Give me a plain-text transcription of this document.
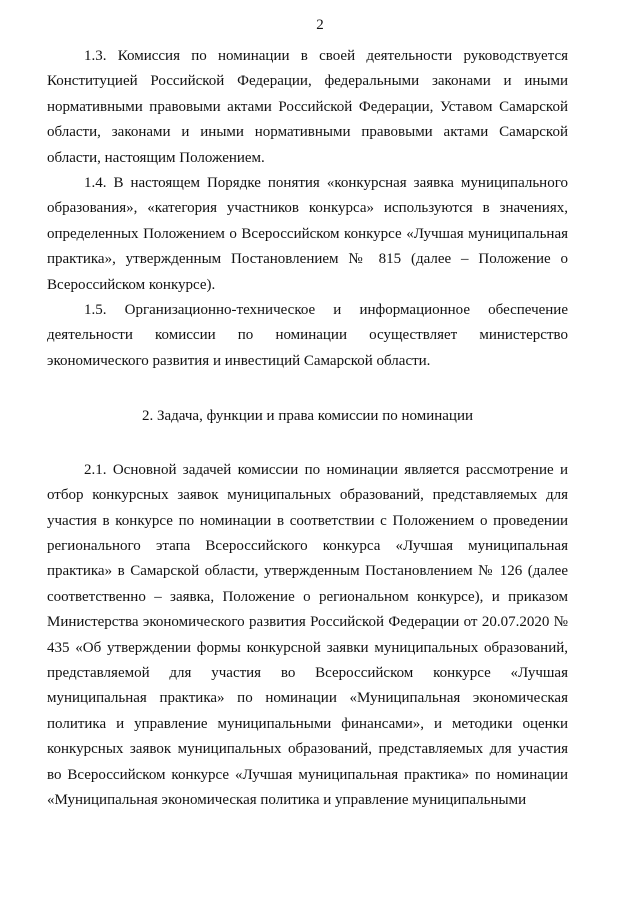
2

1.3. Комиссия по номинации в своей деятельности руководствуется Конституцией Российской Федерации, федеральными законами и иными нормативными правовыми актами Российской Федерации, Уставом Самарской области, законами и иными нормативными правовыми актами Самарской области, настоящим Положением.

1.4. В настоящем Порядке понятия «конкурсная заявка муниципального образования», «категория участников конкурса» используются в значениях, определенных Положением о Всероссийском конкурсе «Лучшая муниципальная практика», утвержденным Постановлением № 815 (далее – Положение о Всероссийском конкурсе).

1.5. Организационно-техническое и информационное обеспечение деятельности комиссии по номинации осуществляет министерство экономического развития и инвестиций Самарской области.

2. Задача, функции и права комиссии по номинации

2.1. Основной задачей комиссии по номинации является рассмотрение и отбор конкурсных заявок муниципальных образований, представляемых для участия в конкурсе по номинации в соответствии с Положением о проведении регионального этапа Всероссийского конкурса «Лучшая муниципальная практика» в Самарской области, утвержденным Постановлением № 126 (далее соответственно – заявка, Положение о региональном конкурсе), и приказом Министерства экономического развития Российской Федерации от 20.07.2020 № 435 «Об утверждении формы конкурсной заявки муниципальных образований, представляемой для участия во Всероссийском конкурсе «Лучшая муниципальная практика» по номинации «Муниципальная экономическая политика и управление муниципальными финансами», и методики оценки конкурсных заявок муниципальных образований, представляемых для участия во Всероссийском конкурсе «Лучшая муниципальная практика» по номинации «Муниципальная экономическая политика и управление муниципальными
